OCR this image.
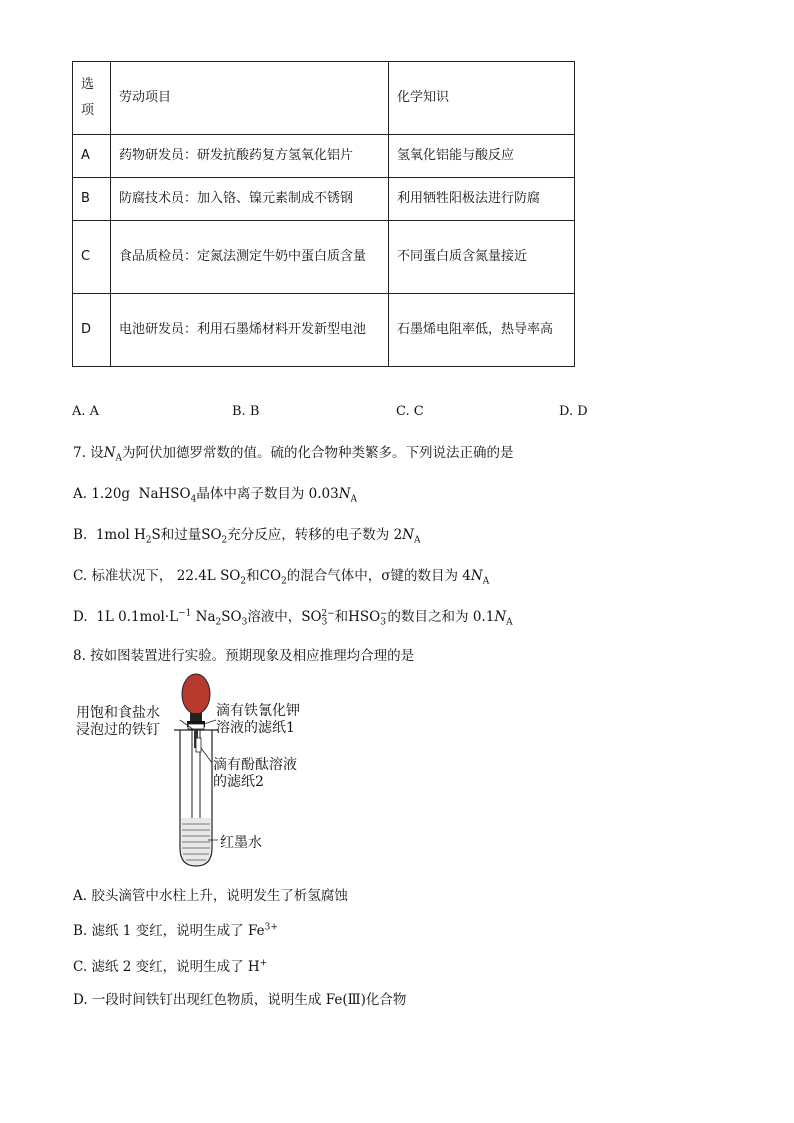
选
项	劳动项目	化学知识
A	药物研发员：研发抗酸药复方氢氧化铝片	氢氧化铝能与酸反应
B	防腐技术员：加入铬、镍元素制成不锈钢	利用牺牲阳极法进行防腐
C	食品质检员：定氮法测定牛奶中蛋白质含量	不同蛋白质含氮量接近
D	电池研发员：利用石墨烯材料开发新型电池	石墨烯电阻率低，热导率高
A. A	B. B	C. C	D. D
7. 设$N_A$为阿伏加德罗常数的值。硫的化合物种类繁多。下列说法正确的是
A. 1.20g NaHSO$_4$晶体中离子数目为 $0.03N_A$
B. 1mol $H_2S$和过量$SO_2$充分反应，转移的电子数为 $2N_A$
C. 标准状况下， 22.4L $SO_2$和$CO_2$的混合气体中，σ键的数目为 $4N_A$
D. 1L $0.1mol\cdot L^{-1}$ $Na_2SO_3$溶液中，$SO_3^{2-}$和$HSO_3^-$的数目之和为 $0.1N_A$
8. 按如图装置进行实验。预期现象及相应推理均合理的是
用饱和食盐水
浸泡过的铁钉
滴有铁氰化钾
溶液的滤纸1
滴有酚酞溶液
的滤纸2
红墨水
A. 胶头滴管中水柱上升，说明发生了析氢腐蚀
B. 滤纸 1 变红，说明生成了 $Fe^{3+}$
C. 滤纸 2 变红，说明生成了 H+
D. 一段时间铁钉出现红色物质，说明生成 Fe(Ⅲ)化合物
